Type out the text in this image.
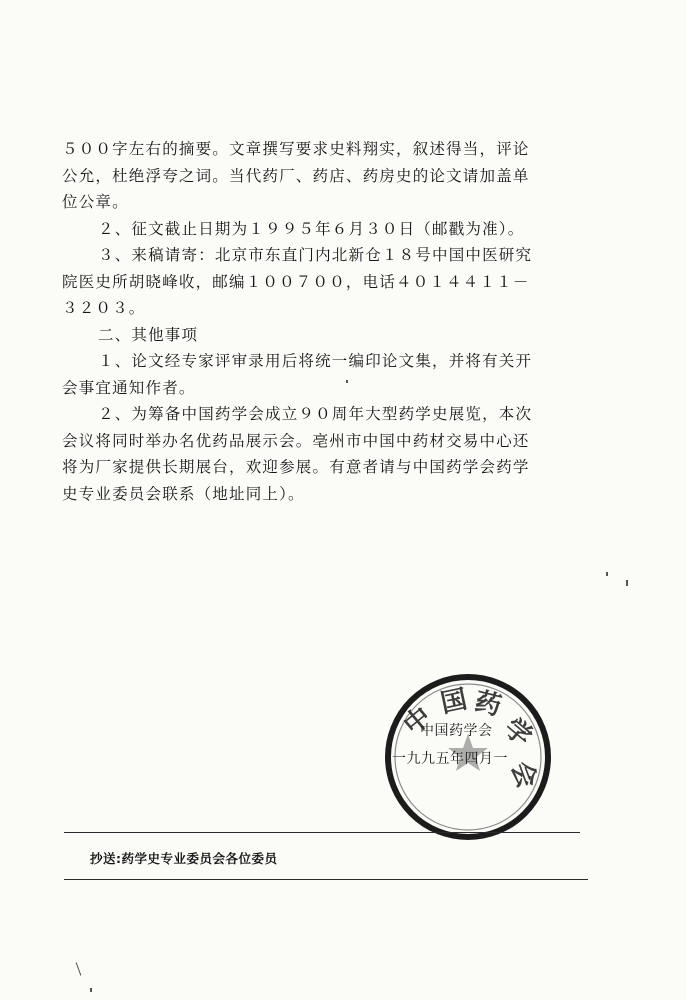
５００字左右的摘要。文章撰写要求史料翔实，叙述得当，评论
公允，杜绝浮夸之词。当代药厂、药店、药房史的论文请加盖单
位公章。
２、征文截止日期为１９９５年６月３０日（邮戳为准）。
３、来稿请寄：北京市东直门内北新仓１８号中国中医研究
院医史所胡晓峰收，邮编１００７００，电话４０１４４１１－
３２０３。
二、其他事项
１、论文经专家评审录用后将统一编印论文集，并将有关开
会事宜通知作者。
２、为筹备中国药学会成立９０周年大型药学史展览，本次
会议将同时举办名优药品展示会。亳州市中国中药材交易中心还
将为厂家提供长期展台，欢迎参展。有意者请与中国药学会药学
史专业委员会联系（地址同上）。
中 国 药
学
会
中国药学会
一九九五年四月一
抄送:药学史专业委员会各位委员
